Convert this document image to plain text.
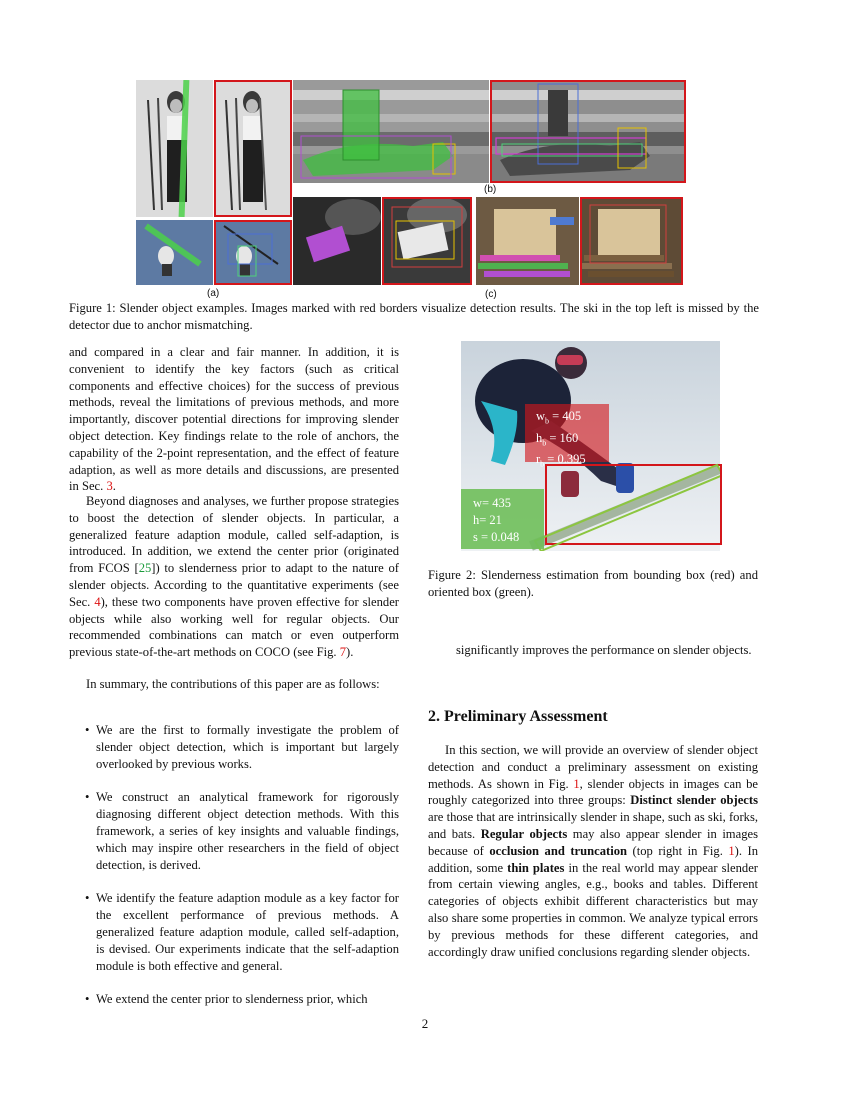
(b)
(a)	(c)
Figure 1: Slender object examples. Images marked with red borders visualize detection results. The ski in the top left is missed by the detector due to anchor mismatching.
and compared in a clear and fair manner. In addition, it is convenient to identify the key factors (such as critical components and effective choices) for the success of previous methods, reveal the limitations of previous methods, and more importantly, discover potential directions for improving slender object detection. Key findings relate to the role of anchors, the capability of the 2-point representation, and the effect of feature adaption, as well as more details and discussions, are presented in Sec. 3.
Beyond diagnoses and analyses, we further propose strategies to boost the detection of slender objects. In particular, a generalized feature adaption module, called self-adaption, is introduced. In addition, we extend the center prior (originated from FCOS [25]) to slenderness prior to adapt to the nature of slender objects. According to the quantitative experiments (see Sec. 4), these two components have proven effective for slender objects while also working well for regular objects. Our recommended combinations can match or even outperform previous state-of-the-art methods on COCO (see Fig. 7).
In summary, the contributions of this paper are as follows:
• We are the first to formally investigate the problem of slender object detection, which is important but largely overlooked by previous works.
• We construct an analytical framework for rigorously diagnosing different object detection methods. With this framework, a series of key insights and valuable findings, which may inspire other researchers in the field of object detection, is derived.
• We identify the feature adaption module as a key factor for the excellent performance of previous methods. A generalized feature adaption module, called self-adaption, is devised. Our experiments indicate that the self-adaption module is both effective and general.
• We extend the center prior to slenderness prior, which
$w_b = 405$
$h_b = 160$
$r_b = 0.395$
w= 435
h= 21
s = 0.048
Figure 2: Slenderness estimation from bounding box (red) and oriented box (green).
significantly improves the performance on slender objects.
2. Preliminary Assessment
In this section, we will provide an overview of slender object detection and conduct a preliminary assessment on existing methods. As shown in Fig. 1, slender objects in images can be roughly categorized into three groups: Distinct slender objects are those that are intrinsically slender in shape, such as ski, forks, and bats. Regular objects may also appear slender in images because of occlusion and truncation (top right in Fig. 1). In addition, some thin plates in the real world may appear slender from certain viewing angles, e.g., books and tables. Different categories of objects exhibit different characteristics but may also share some properties in common. We analyze typical errors by previous methods for these different categories, and accordingly draw unified conclusions regarding slender objects.
2
